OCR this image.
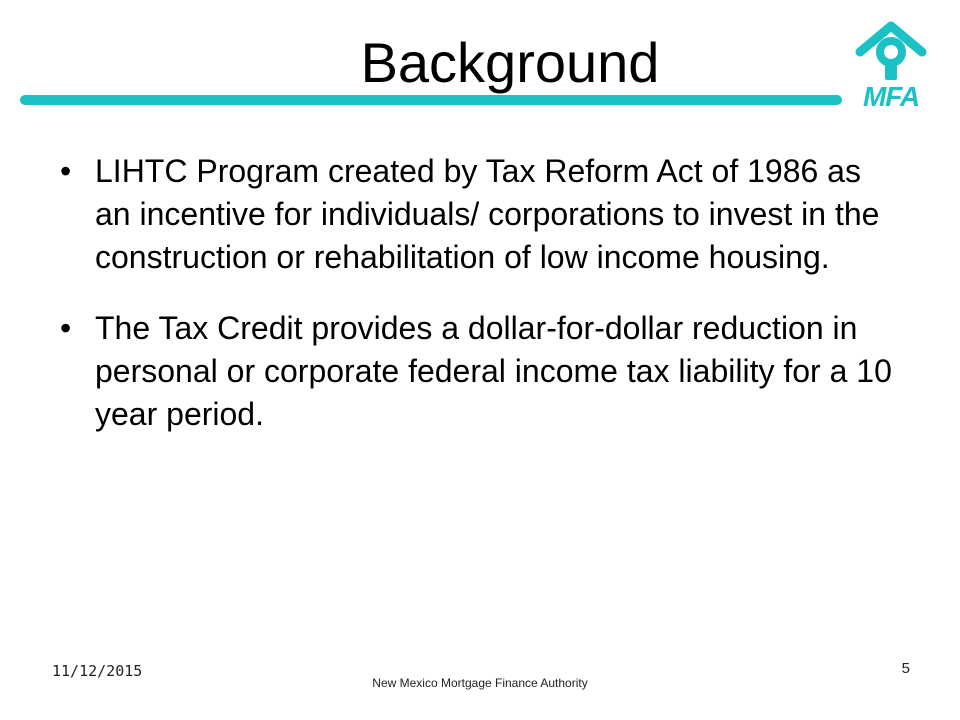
Background
MFA
• LIHTC Program created by Tax Reform Act of 1986 as an incentive for individuals/ corporations to invest in the construction or rehabilitation of low income housing.
• The Tax Credit provides a dollar-for-dollar reduction in personal or corporate federal income tax liability for a 10 year period.
11/12/2015
New Mexico Mortgage Finance Authority
5
